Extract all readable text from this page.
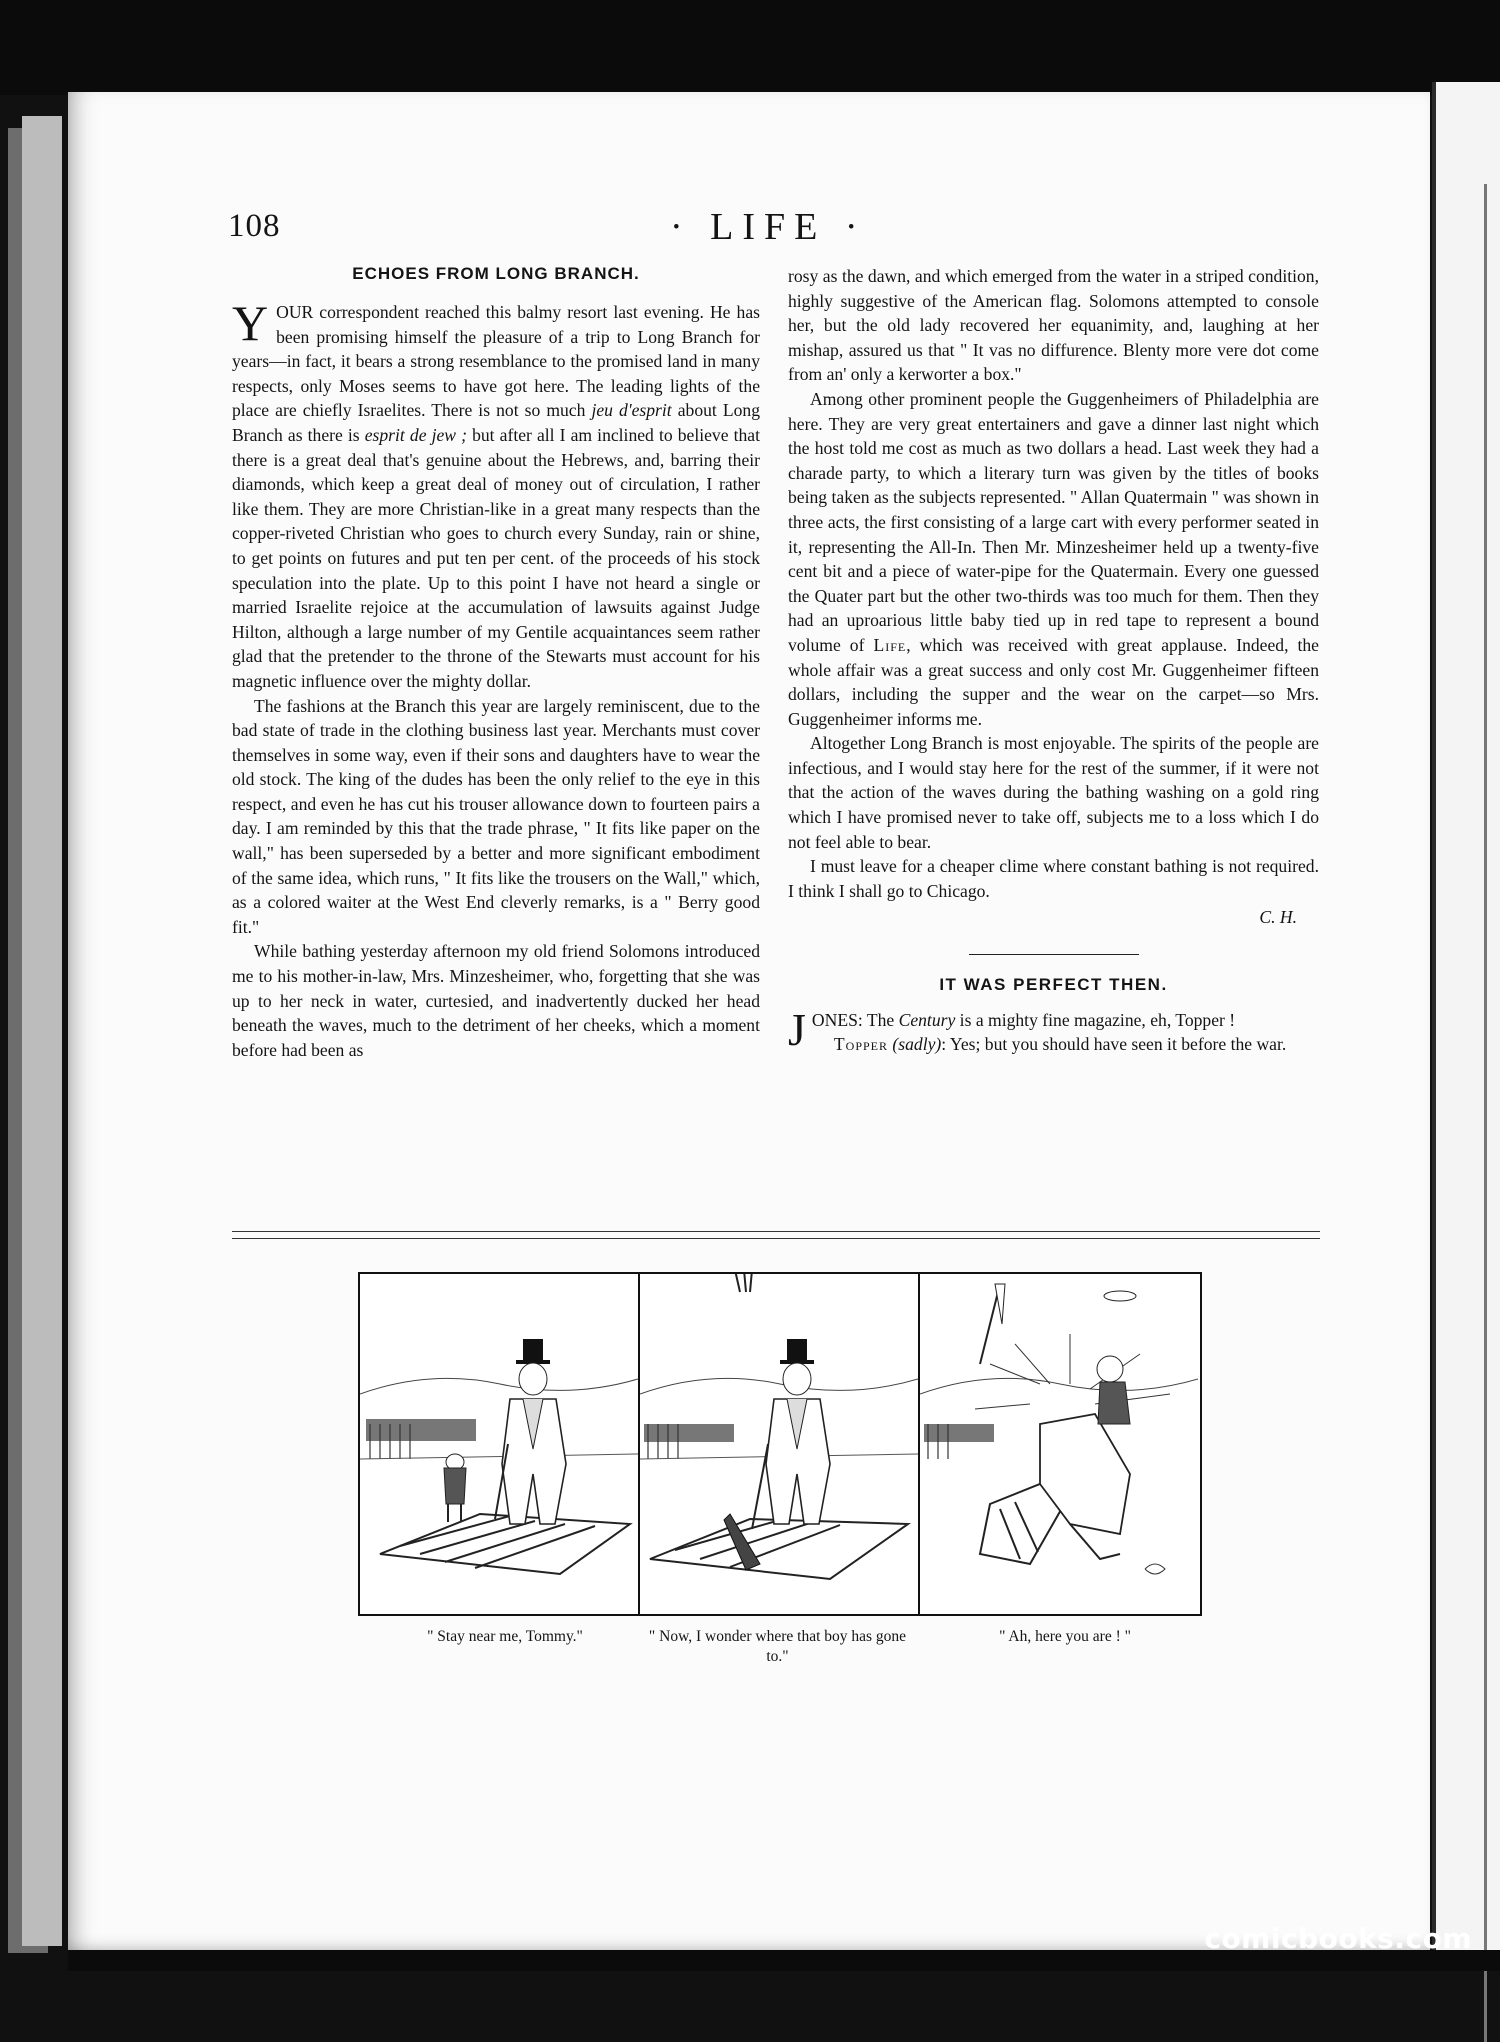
108	· LIFE ·
ECHOES FROM LONG BRANCH.

YOUR correspondent reached this balmy resort last evening. He has been promising himself the pleasure of a trip to Long Branch for years—in fact, it bears a strong resemblance to the promised land in many respects, only Moses seems to have got here. The leading lights of the place are chiefly Israelites. There is not so much jeu d'esprit about Long Branch as there is esprit de jew ; but after all I am inclined to believe that there is a great deal that's genuine about the Hebrews, and, barring their diamonds, which keep a great deal of money out of circulation, I rather like them. They are more Christian-like in a great many respects than the copper-riveted Christian who goes to church every Sunday, rain or shine, to get points on futures and put ten per cent. of the proceeds of his stock speculation into the plate. Up to this point I have not heard a single or married Israelite rejoice at the accumulation of lawsuits against Judge Hilton, although a large number of my Gentile acquaintances seem rather glad that the pretender to the throne of the Stewarts must account for his magnetic influence over the mighty dollar.

The fashions at the Branch this year are largely reminiscent, due to the bad state of trade in the clothing business last year. Merchants must cover themselves in some way, even if their sons and daughters have to wear the old stock. The king of the dudes has been the only relief to the eye in this respect, and even he has cut his trouser allowance down to fourteen pairs a day. I am reminded by this that the trade phrase, " It fits like paper on the wall," has been superseded by a better and more significant embodiment of the same idea, which runs, " It fits like the trousers on the Wall," which, as a colored waiter at the West End cleverly remarks, is a " Berry good fit."

While bathing yesterday afternoon my old friend Solomons introduced me to his mother-in-law, Mrs. Minzesheimer, who, forgetting that she was up to her neck in water, curtesied, and inadvertently ducked her head beneath the waves, much to the detriment of her cheeks, which a moment before had been as

rosy as the dawn, and which emerged from the water in a striped condition, highly suggestive of the American flag. Solomons attempted to console her, but the old lady recovered her equanimity, and, laughing at her mishap, assured us that " It vas no diffurence. Blenty more vere dot come from an' only a kerworter a box."

Among other prominent people the Guggenheimers of Philadelphia are here. They are very great entertainers and gave a dinner last night which the host told me cost as much as two dollars a head. Last week they had a charade party, to which a literary turn was given by the titles of books being taken as the subjects represented. " Allan Quatermain " was shown in three acts, the first consisting of a large cart with every performer seated in it, representing the All-In. Then Mr. Minzesheimer held up a twenty-five cent bit and a piece of water-pipe for the Quatermain. Every one guessed the Quater part but the other two-thirds was too much for them. Then they had an uproarious little baby tied up in red tape to represent a bound volume of Life, which was received with great applause. Indeed, the whole affair was a great success and only cost Mr. Guggenheimer fifteen dollars, including the supper and the wear on the carpet—so Mrs. Guggenheimer informs me.

Altogether Long Branch is most enjoyable. The spirits of the people are infectious, and I would stay here for the rest of the summer, if it were not that the action of the waves during the bathing washing on a gold ring which I have promised never to take off, subjects me to a loss which I do not feel able to bear.

I must leave for a cheaper clime where constant bathing is not required. I think I shall go to Chicago.

C. H.
IT WAS PERFECT THEN.

JONES: The Century is a mighty fine magazine, eh, Topper !

Topper (sadly): Yes; but you should have seen it before the war.

" Stay near me, Tommy."	" Now, I wonder where that boy has gone to."
" Ah, here you are ! "
comicbooks.com
